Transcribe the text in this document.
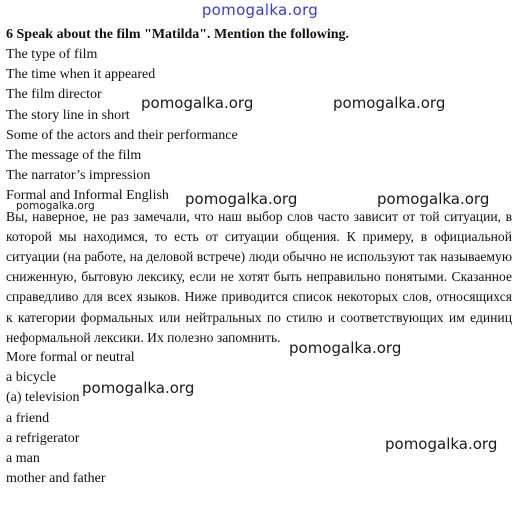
pomogalka.org

6 Speak about the film "Matilda". Mention the following.

The type of film

The time when it appeared

The film director

The story line in short

Some of the actors and their performance

The message of the film

The narrator’s impression

Formal and Informal English

Вы, наверное, не раз замечали, что наш выбор слов часто зависит от той ситуации, в которой мы находимся, то есть от ситуации общения. К примеру, в официальной ситуации (на работе, на деловой встрече) люди обычно не используют так называемую сниженную, бытовую лексику, если не хотят быть неправильно понятыми. Сказанное справедливо для всех языков. Ниже приводится список некоторых слов, относящихся к категории формальных или нейтральных по стилю и соответствующих им единиц неформальной лексики. Их полезно запомнить.

More formal or neutral

a bicycle

(a) television

a friend

a refrigerator

a man

mother and father

pomogalka.org	pomogalka.org
pomogalka.org	pomogalka.org
pomogalka.org
pomogalka.org
pomogalka.org
pomogalka.org
